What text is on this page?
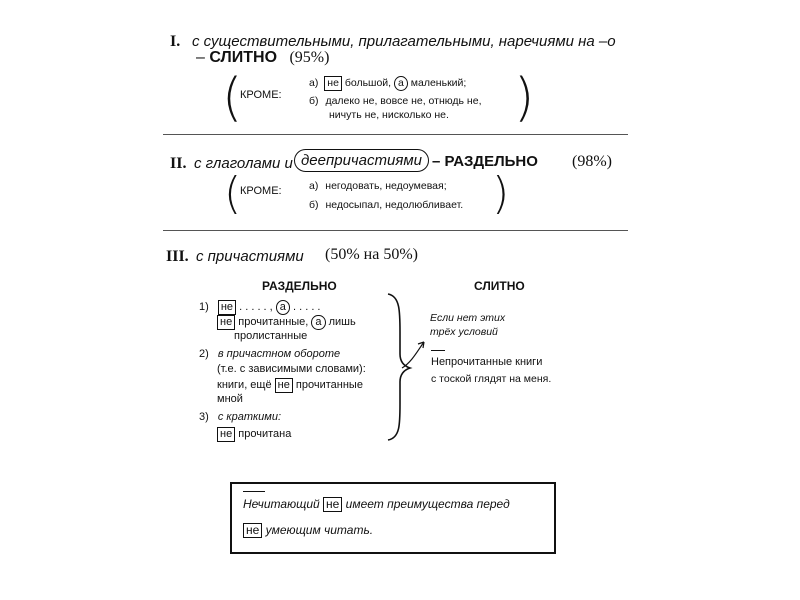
I. с существительными, прилагательными, наречиями на –о
– СЛИТНО (95%)
(
КРОМЕ:
а) не большой, а маленький;
б) далеко не, вовсе не, отнюдь не,
ничуть не, нисколько не. )
II. с глаголами и деепричастиями – РАЗДЕЛЬНО (98%)
(
КРОМЕ:	а) негодовать, недоумевая;
б) недосыпал, недолюбливает. )
III. с причастиями (50% на 50%)
РАЗДЕЛЬНО	СЛИТНО
1) не . . . . . , а . . . . .
не прочитанные, а лишь
пролистанные
2) в причастном обороте
(т.е. с зависимыми словами):
книги, ещё не прочитанные
мной
3) с краткими:
не прочитана
Если нет этих
трёх условий
Непрочитанные книги
с тоской глядят на меня.
Нечитающий не имеет преимущества перед
не умеющим читать.
